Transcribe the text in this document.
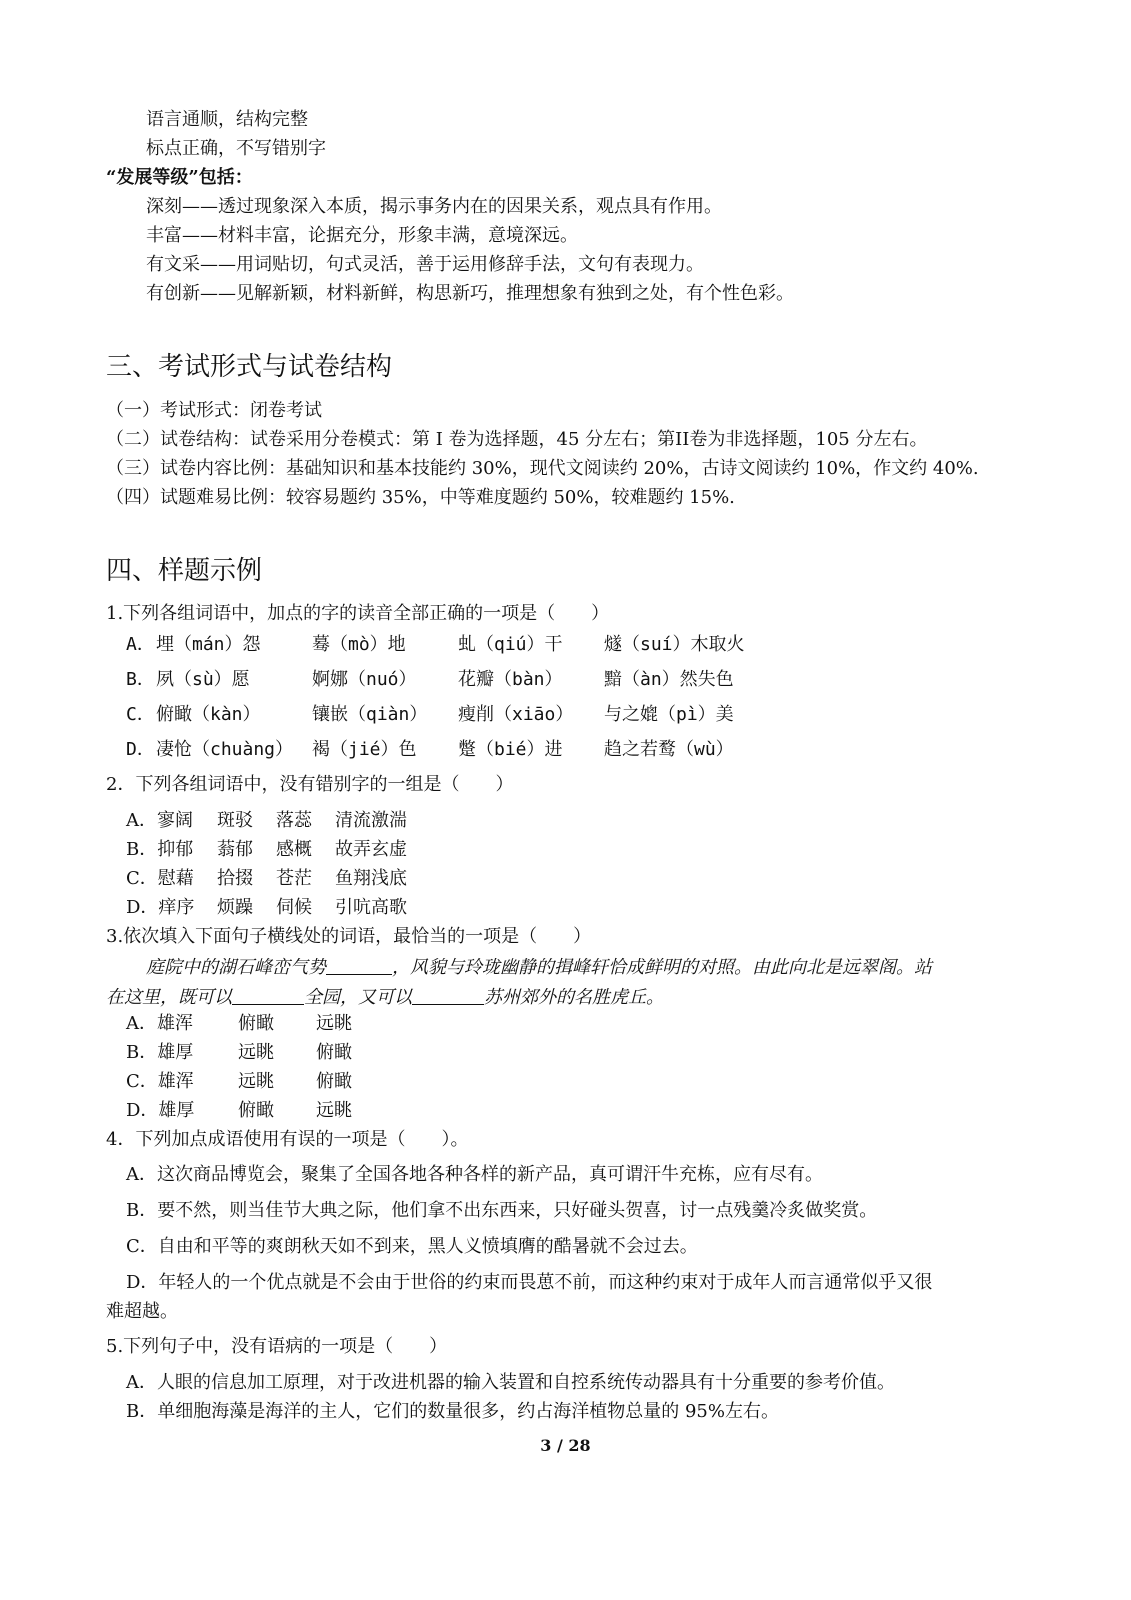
语言通顺，结构完整
标点正确，不写错别字
“发展等级”包括：
深刻——透过现象深入本质，揭示事务内在的因果关系，观点具有作用。
丰富——材料丰富，论据充分，形象丰满，意境深远。
有文采——用词贴切，句式灵活，善于运用修辞手法，文句有表现力。
有创新——见解新颖，材料新鲜，构思新巧，推理想象有独到之处，有个性色彩。
三、考试形式与试卷结构
（一）考试形式：闭卷考试
（二）试卷结构：试卷采用分卷模式：第 I 卷为选择题，45 分左右；第II卷为非选择题，105 分左右。
（三）试卷内容比例：基础知识和基本技能约 30%，现代文阅读约 20%，古诗文阅读约 10%，作文约 40%.
（四）试题难易比例：较容易题约 35%，中等难度题约 50%，较难题约 15%.
四、样题示例
1.下列各组词语中，加点的字的读音全部正确的一项是（　　）
A． 埋（mán）怨	蓦（mò）地	虬（qiú）干 燧（suí）木取火
B． 夙（sù）愿	婀娜（nuó） 花瓣（bàn） 黯（àn）然失色
C． 俯瞰（kàn）	镶嵌（qiàn） 瘦削（xiāo） 与之媲（pì）美
D． 凄怆（chuàng） 褐（jié）色 蹩（bié）进 趋之若鹜（wù）
2．下列各组词语中，没有错别字的一组是（　　）
A．寥阔 斑驳 落蕊 清流激湍
B．抑郁 蓊郁 感概 故弄玄虚
C．慰藉 拾掇 苍茫 鱼翔浅底
D．痒序 烦躁 伺候 引吭高歌
3.依次填入下面句子横线处的词语，最恰当的一项是（　　）
庭院中的湖石峰峦气势	，风貌与玲珑幽静的揖峰轩恰成鲜明的对照。由此向北是远翠阁。站
在这里，既可以	全园，又可以	苏州郊外的名胜虎丘。
A．雄浑	俯瞰 远眺
B．雄厚 远眺 俯瞰
C．雄浑 远眺 俯瞰
D．雄厚 俯瞰 远眺
4．下列加点成语使用有误的一项是（　　）。
A．这次商品博览会，聚集了全国各地各种各样的新产品，真可谓汗牛充栋，应有尽有。
B．要不然，则当佳节大典之际，他们拿不出东西来，只好碰头贺喜，讨一点残羹冷炙做奖赏。
C．自由和平等的爽朗秋天如不到来，黑人义愤填膺的酷暑就不会过去。
D．年轻人的一个优点就是不会由于世俗的约束而畏葸不前，而这种约束对于成年人而言通常似乎又很
难超越。
5.下列句子中，没有语病的一项是（　　）
A．人眼的信息加工原理，对于改进机器的输入装置和自控系统传动器具有十分重要的参考价值。
B．单细胞海藻是海洋的主人，它们的数量很多，约占海洋植物总量的 95%左右。
3 / 28
